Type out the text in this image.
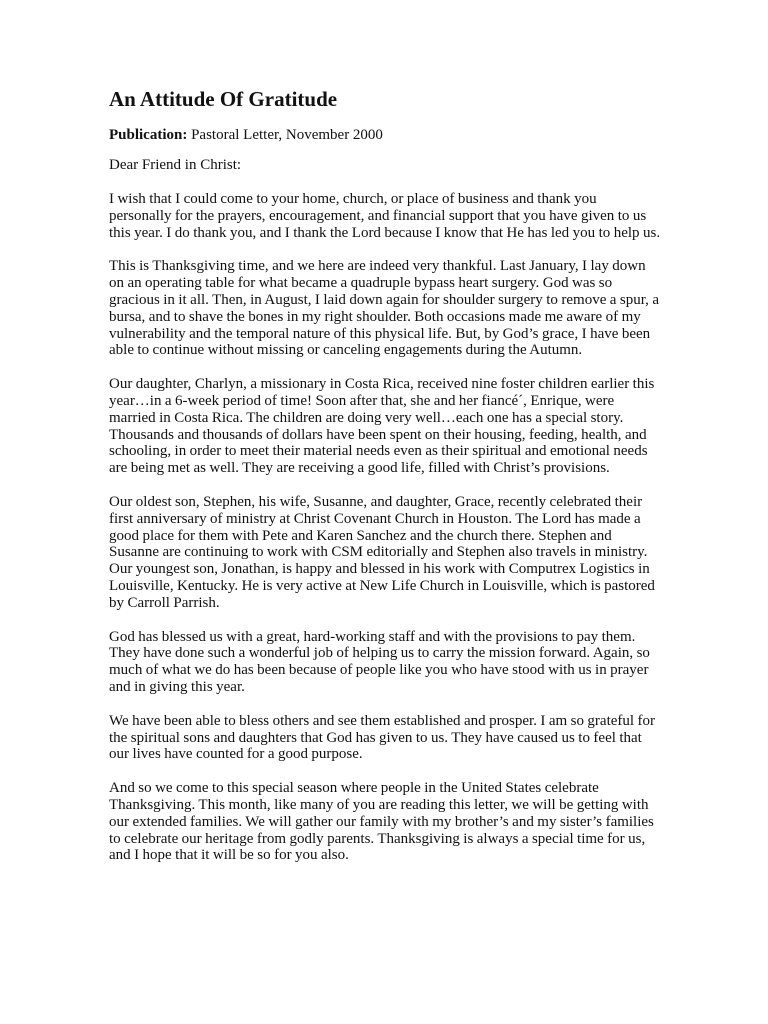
An Attitude Of Gratitude

Publication: Pastoral Letter, November 2000

Dear Friend in Christ:

I wish that I could come to your home, church, or place of business and thank you personally for the prayers, encouragement, and financial support that you have given to us this year. I do thank you, and I thank the Lord because I know that He has led you to help us.

This is Thanksgiving time, and we here are indeed very thankful. Last January, I lay down on an operating table for what became a quadruple bypass heart surgery. God was so gracious in it all. Then, in August, I laid down again for shoulder surgery to remove a spur, a bursa, and to shave the bones in my right shoulder. Both occasions made me aware of my vulnerability and the temporal nature of this physical life. But, by God’s grace, I have been able to continue without missing or canceling engagements during the Autumn.

Our daughter, Charlyn, a missionary in Costa Rica, received nine foster children earlier this year…in a 6-week period of time! Soon after that, she and her fiancé´, Enrique, were married in Costa Rica. The children are doing very well…each one has a special story. Thousands and thousands of dollars have been spent on their housing, feeding, health, and schooling, in order to meet their material needs even as their spiritual and emotional needs are being met as well. They are receiving a good life, filled with Christ’s provisions.

Our oldest son, Stephen, his wife, Susanne, and daughter, Grace, recently celebrated their first anniversary of ministry at Christ Covenant Church in Houston. The Lord has made a good place for them with Pete and Karen Sanchez and the church there. Stephen and Susanne are continuing to work with CSM editorially and Stephen also travels in ministry. Our youngest son, Jonathan, is happy and blessed in his work with Computrex Logistics in Louisville, Kentucky. He is very active at New Life Church in Louisville, which is pastored by Carroll Parrish.

God has blessed us with a great, hard-working staff and with the provisions to pay them. They have done such a wonderful job of helping us to carry the mission forward. Again, so much of what we do has been because of people like you who have stood with us in prayer and in giving this year.

We have been able to bless others and see them established and prosper. I am so grateful for the spiritual sons and daughters that God has given to us. They have caused us to feel that our lives have counted for a good purpose.

And so we come to this special season where people in the United States celebrate Thanksgiving. This month, like many of you are reading this letter, we will be getting with our extended families. We will gather our family with my brother’s and my sister’s families to celebrate our heritage from godly parents. Thanksgiving is always a special time for us, and I hope that it will be so for you also.
